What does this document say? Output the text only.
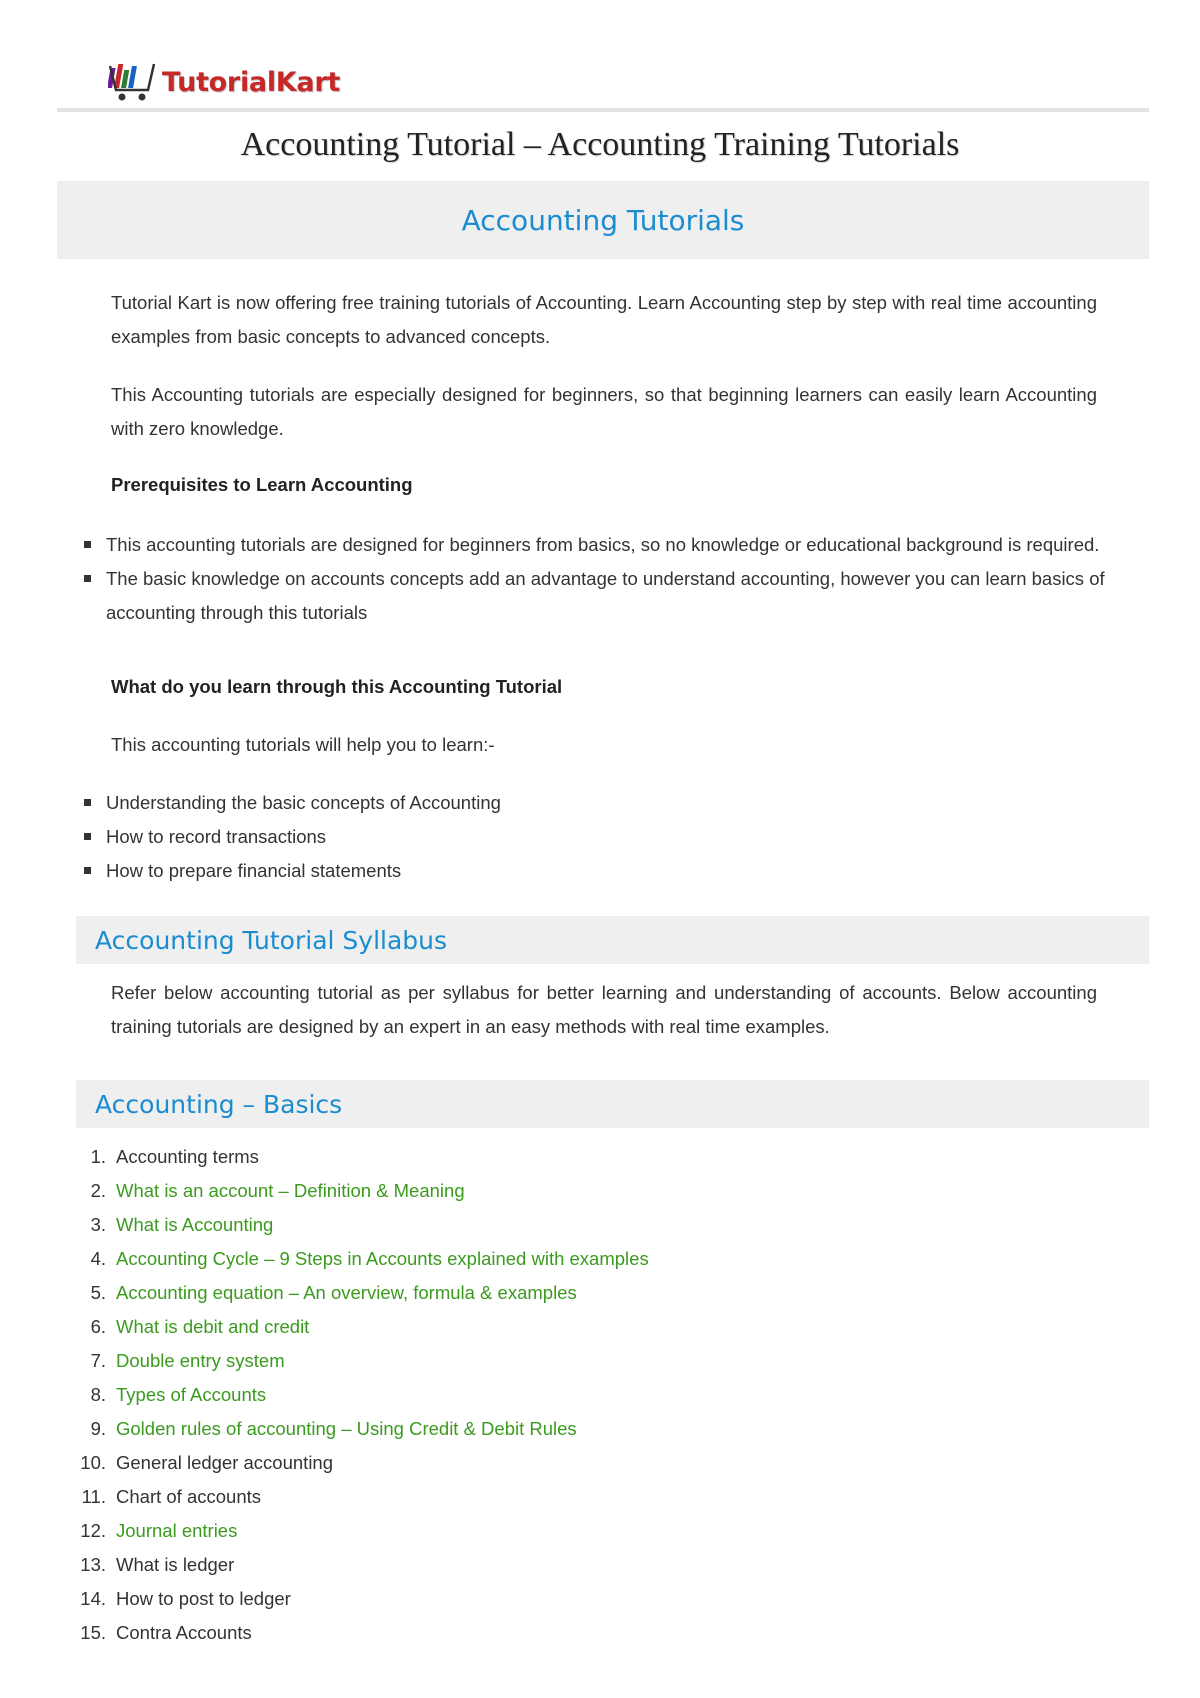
TutorialKart
Accounting Tutorial – Accounting Training Tutorials
Accounting Tutorials
Tutorial Kart is now offering free training tutorials of Accounting. Learn Accounting step by step with real time accounting examples from basic concepts to advanced concepts.
This Accounting tutorials are especially designed for beginners, so that beginning learners can easily learn Accounting with zero knowledge.
Prerequisites to Learn Accounting
This accounting tutorials are designed for beginners from basics, so no knowledge or educational background is required.
The basic knowledge on accounts concepts add an advantage to understand accounting, however you can learn basics of accounting through this tutorials
What do you learn through this Accounting Tutorial
This accounting tutorials will help you to learn:-
Understanding the basic concepts of Accounting
How to record transactions
How to prepare financial statements
Accounting Tutorial Syllabus
Refer below accounting tutorial as per syllabus for better learning and understanding of accounts. Below accounting training tutorials are designed by an expert in an easy methods with real time examples.
Accounting – Basics
1. Accounting terms
2. What is an account – Definition & Meaning
3. What is Accounting
4. Accounting Cycle – 9 Steps in Accounts explained with examples
5. Accounting equation – An overview, formula & examples
6. What is debit and credit
7. Double entry system
8. Types of Accounts
9. Golden rules of accounting – Using Credit & Debit Rules
10. General ledger accounting
11. Chart of accounts
12. Journal entries
13. What is ledger
14. How to post to ledger
15. Contra Accounts
